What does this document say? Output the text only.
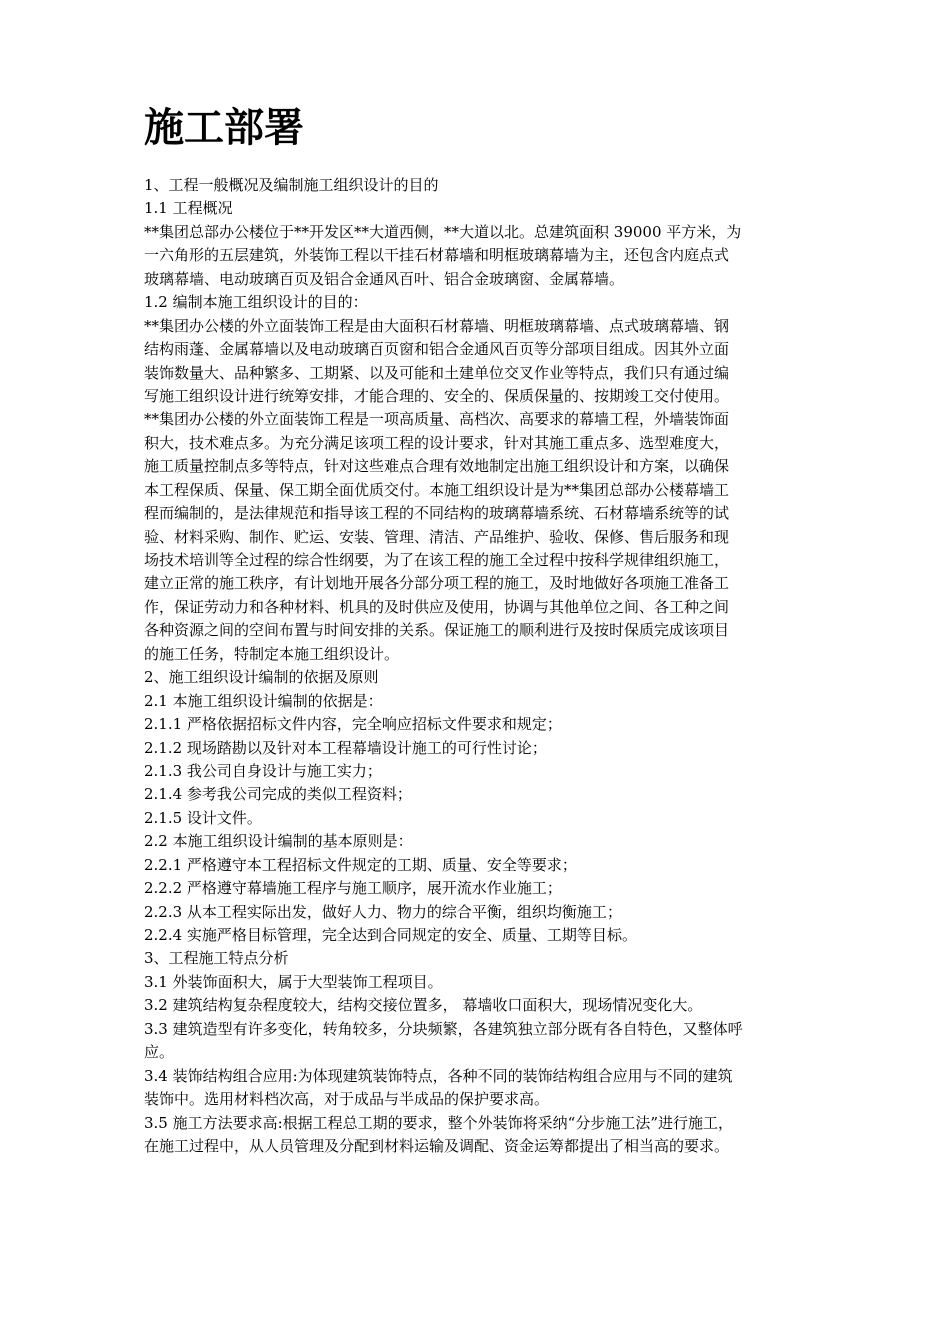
施工部署
1、工程一般概况及编制施工组织设计的目的
1.1 工程概况
**集团总部办公楼位于**开发区**大道西侧，**大道以北。总建筑面积 39000 平方米，为
一六角形的五层建筑，外装饰工程以干挂石材幕墙和明框玻璃幕墙为主，还包含内庭点式
玻璃幕墙、电动玻璃百页及铝合金通风百叶、铝合金玻璃窗、金属幕墙。
1.2 编制本施工组织设计的目的：
**集团办公楼的外立面装饰工程是由大面积石材幕墙、明框玻璃幕墙、点式玻璃幕墙、钢
结构雨蓬、金属幕墙以及电动玻璃百页窗和铝合金通风百页等分部项目组成。因其外立面
装饰数量大、品种繁多、工期紧、以及可能和土建单位交叉作业等特点，我们只有通过编
写施工组织设计进行统筹安排，才能合理的、安全的、保质保量的、按期竣工交付使用。
**集团办公楼的外立面装饰工程是一项高质量、高档次、高要求的幕墙工程，外墙装饰面
积大，技术难点多。为充分满足该项工程的设计要求，针对其施工重点多、选型难度大，
施工质量控制点多等特点，针对这些难点合理有效地制定出施工组织设计和方案，以确保
本工程保质、保量、保工期全面优质交付。本施工组织设计是为**集团总部办公楼幕墙工
程而编制的，是法律规范和指导该工程的不同结构的玻璃幕墙系统、石材幕墙系统等的试
验、材料采购、制作、贮运、安装、管理、清洁、产品维护、验收、保修、售后服务和现
场技术培训等全过程的综合性纲要，为了在该工程的施工全过程中按科学规律组织施工，
建立正常的施工秩序，有计划地开展各分部分项工程的施工，及时地做好各项施工准备工
作，保证劳动力和各种材料、机具的及时供应及使用，协调与其他单位之间、各工种之间
各种资源之间的空间布置与时间安排的关系。保证施工的顺利进行及按时保质完成该项目
的施工任务，特制定本施工组织设计。
2、施工组织设计编制的依据及原则
2.1 本施工组织设计编制的依据是：
2.1.1 严格依据招标文件内容，完全响应招标文件要求和规定；
2.1.2 现场踏勘以及针对本工程幕墙设计施工的可行性讨论；
2.1.3 我公司自身设计与施工实力；
2.1.4 参考我公司完成的类似工程资料；
2.1.5 设计文件。
2.2 本施工组织设计编制的基本原则是：
2.2.1 严格遵守本工程招标文件规定的工期、质量、安全等要求；
2.2.2 严格遵守幕墙施工程序与施工顺序，展开流水作业施工；
2.2.3 从本工程实际出发，做好人力、物力的综合平衡，组织均衡施工；
2.2.4 实施严格目标管理，完全达到合同规定的安全、质量、工期等目标。
3、工程施工特点分析
3.1 外装饰面积大，属于大型装饰工程项目。
3.2 建筑结构复杂程度较大，结构交接位置多， 幕墙收口面积大，现场情况变化大。
3.3 建筑造型有许多变化，转角较多，分块频繁，各建筑独立部分既有各自特色，又整体呼
应。
3.4 装饰结构组合应用:为体现建筑装饰特点，各种不同的装饰结构组合应用与不同的建筑
装饰中。选用材料档次高，对于成品与半成品的保护要求高。
3.5 施工方法要求高:根据工程总工期的要求，整个外装饰将采纳“分步施工法”进行施工，
在施工过程中，从人员管理及分配到材料运输及调配、资金运筹都提出了相当高的要求。
